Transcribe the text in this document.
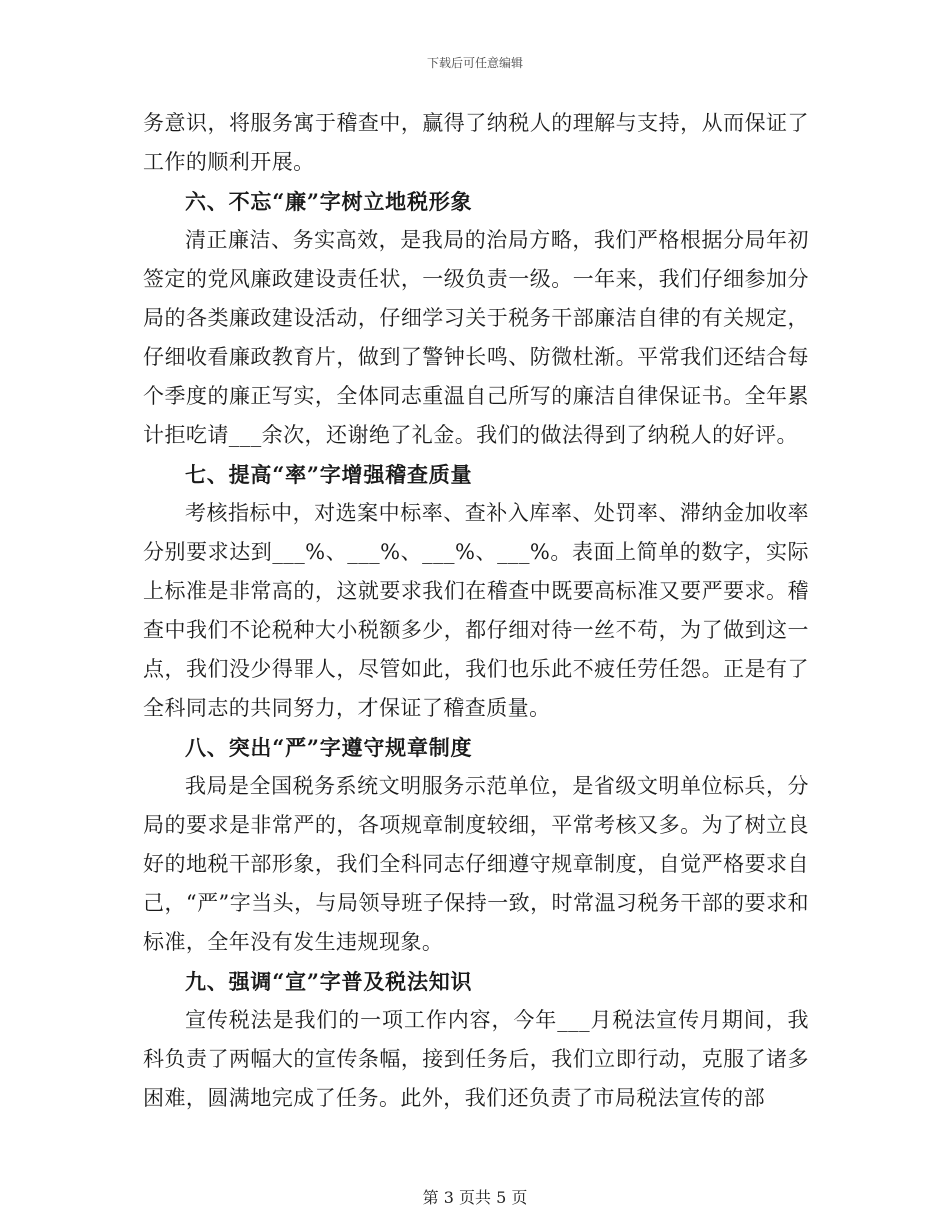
下载后可任意编辑

务意识，将服务寓于稽查中，赢得了纳税人的理解与支持，从而保证了工作的顺利开展。

六、不忘“廉”字树立地税形象

清正廉洁、务实高效，是我局的治局方略，我们严格根据分局年初签定的党风廉政建设责任状，一级负责一级。一年来，我们仔细参加分局的各类廉政建设活动，仔细学习关于税务干部廉洁自律的有关规定，仔细收看廉政教育片，做到了警钟长鸣、防微杜渐。平常我们还结合每个季度的廉正写实，全体同志重温自己所写的廉洁自律保证书。全年累计拒吃请___余次，还谢绝了礼金。我们的做法得到了纳税人的好评。

七、提高“率”字增强稽查质量

考核指标中，对选案中标率、查补入库率、处罚率、滞纳金加收率分别要求达到___%、___%、___%、___%。表面上简单的数字，实际上标准是非常高的，这就要求我们在稽查中既要高标准又要严要求。稽查中我们不论税种大小税额多少，都仔细对待一丝不苟，为了做到这一点，我们没少得罪人，尽管如此，我们也乐此不疲任劳任怨。正是有了全科同志的共同努力，才保证了稽查质量。

八、突出“严”字遵守规章制度

我局是全国税务系统文明服务示范单位，是省级文明单位标兵，分局的要求是非常严的，各项规章制度较细，平常考核又多。为了树立良好的地税干部形象，我们全科同志仔细遵守规章制度，自觉严格要求自己，“严”字当头，与局领导班子保持一致，时常温习税务干部的要求和标准，全年没有发生违规现象。

九、强调“宣”字普及税法知识

宣传税法是我们的一项工作内容，今年___月税法宣传月期间，我科负责了两幅大的宣传条幅，接到任务后，我们立即行动，克服了诸多困难，圆满地完成了任务。此外，我们还负责了市局税法宣传的部

第 3 页共 5 页
